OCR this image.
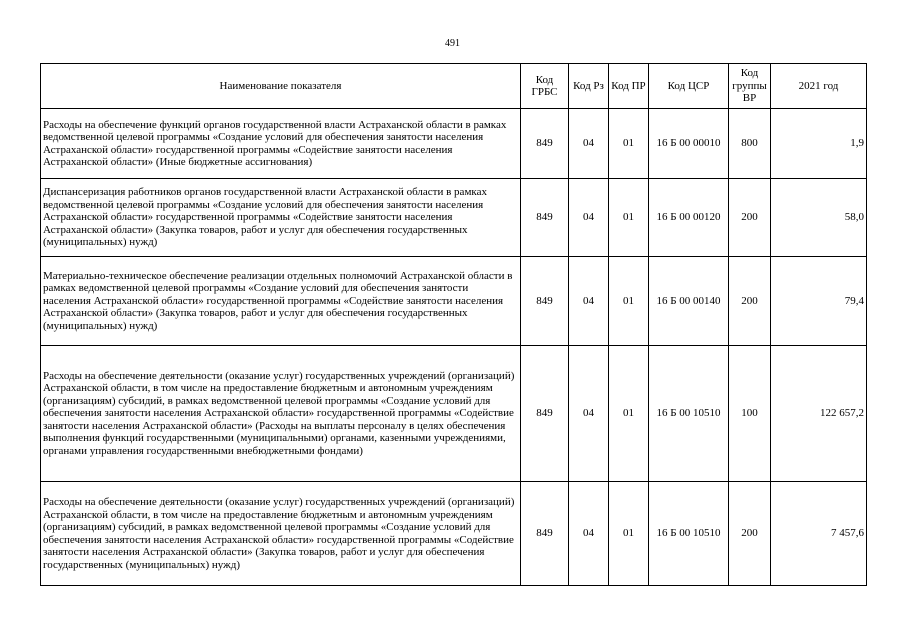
491
Наименование показателя	Код ГРБС	Код Рз	Код ПР	Код ЦСР	Код группы ВР	2021 год
Расходы на обеспечение функций органов государственной власти Астраханской области в рамках ведомственной целевой программы «Создание условий для обеспечения занятости населения Астраханской области» государственной программы «Содействие занятости населения Астраханской области» (Иные бюджетные ассигнования)	849	04	01	16 Б 00 00010	800	1,9
Диспансеризация работников органов государственной власти Астраханской области в рамках ведомственной целевой программы «Создание условий для обеспечения занятости населения Астраханской области» государственной программы «Содействие занятости населения Астраханской области» (Закупка товаров, работ и услуг для обеспечения государственных (муниципальных) нужд)	849	04	01	16 Б 00 00120	200	58,0
Материально-техническое обеспечение реализации отдельных полномочий Астраханской области в рамках ведомственной целевой программы «Создание условий для обеспечения занятости населения Астраханской области» государственной программы «Содействие занятости населения Астраханской области» (Закупка товаров, работ и услуг для обеспечения государственных (муниципальных) нужд)	849	04	01	16 Б 00 00140	200	79,4
Расходы на обеспечение деятельности (оказание услуг) государственных учреждений (организаций) Астраханской области, в том числе на предоставление бюджетным и автономным учреждениям (организациям) субсидий, в рамках ведомственной целевой программы «Создание условий для обеспечения занятости населения Астраханской области» государственной программы «Содействие занятости населения Астраханской области» (Расходы на выплаты персоналу в целях обеспечения выполнения функций государственными (муниципальными) органами, казенными учреждениями, органами управления государственными внебюджетными фондами)	849	04	01	16 Б 00 10510	100	122 657,2
Расходы на обеспечение деятельности (оказание услуг) государственных учреждений (организаций) Астраханской области, в том числе на предоставление бюджетным и автономным учреждениям (организациям) субсидий, в рамках ведомственной целевой программы «Создание условий для обеспечения занятости населения Астраханской области» государственной программы «Содействие занятости населения Астраханской области» (Закупка товаров, работ и услуг для обеспечения государственных (муниципальных) нужд)	849	04	01	16 Б 00 10510	200	7 457,6
